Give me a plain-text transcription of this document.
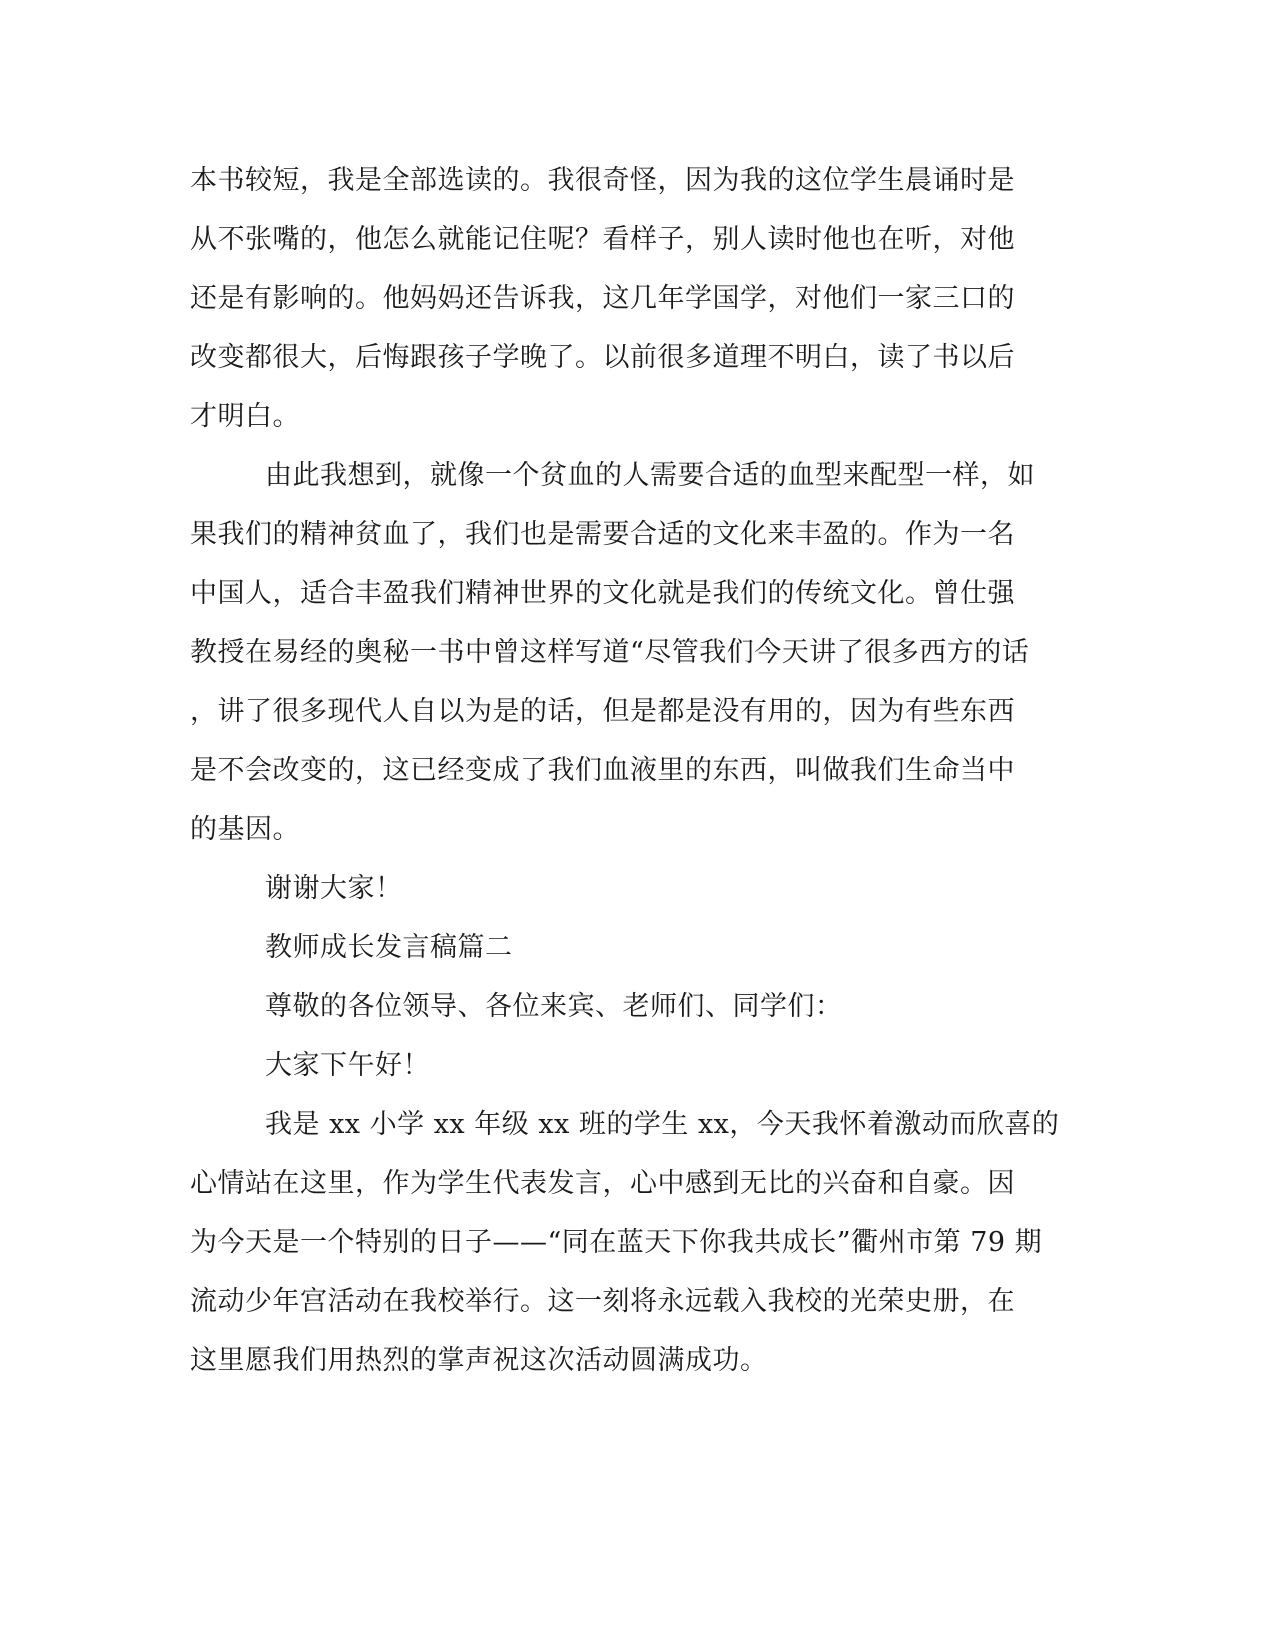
本书较短，我是全部选读的。我很奇怪，因为我的这位学生晨诵时是
从不张嘴的，他怎么就能记住呢？看样子，别人读时他也在听，对他
还是有影响的。他妈妈还告诉我，这几年学国学，对他们一家三口的
改变都很大，后悔跟孩子学晚了。以前很多道理不明白，读了书以后
才明白。
由此我想到，就像一个贫血的人需要合适的血型来配型一样，如
果我们的精神贫血了，我们也是需要合适的文化来丰盈的。作为一名
中国人，适合丰盈我们精神世界的文化就是我们的传统文化。曾仕强
教授在易经的奥秘一书中曾这样写道“尽管我们今天讲了很多西方的话
，讲了很多现代人自以为是的话，但是都是没有用的，因为有些东西
是不会改变的，这已经变成了我们血液里的东西，叫做我们生命当中
的基因。
谢谢大家！
教师成长发言稿篇二
尊敬的各位领导、各位来宾、老师们、同学们：
大家下午好！
我是 xx 小学 xx 年级 xx 班的学生 xx，今天我怀着激动而欣喜的
心情站在这里，作为学生代表发言，心中感到无比的兴奋和自豪。因
为今天是一个特别的日子——“同在蓝天下你我共成长”衢州市第 79 期
流动少年宫活动在我校举行。这一刻将永远载入我校的光荣史册，在
这里愿我们用热烈的掌声祝这次活动圆满成功。
